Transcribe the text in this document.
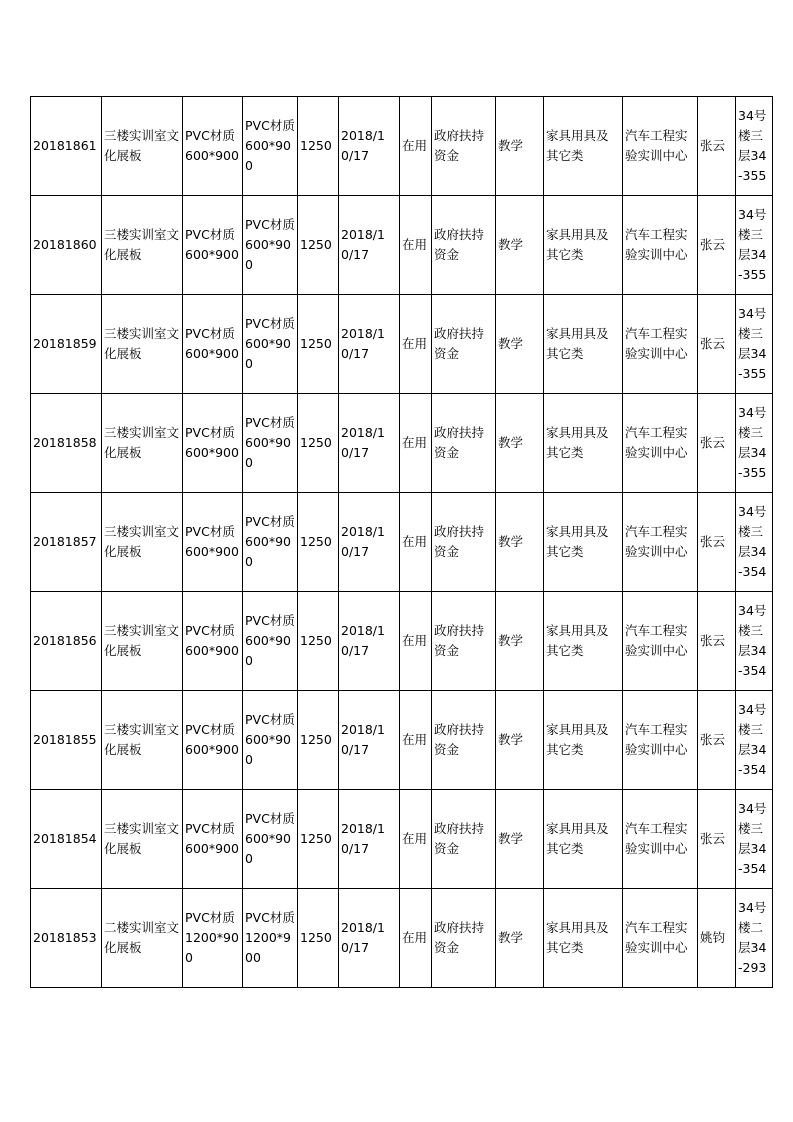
20181861	三楼实训室文化展板	PVC材质600*900	PVC材质600*900	1250	2018/10/17	在用	政府扶持资金	教学	家具用具及其它类	汽车工程实验实训中心	张云	34号楼三层34-355
20181860	三楼实训室文化展板	PVC材质600*900	PVC材质600*900	1250	2018/10/17	在用	政府扶持资金	教学	家具用具及其它类	汽车工程实验实训中心	张云	34号楼三层34-355
20181859	三楼实训室文化展板	PVC材质600*900	PVC材质600*900	1250	2018/10/17	在用	政府扶持资金	教学	家具用具及其它类	汽车工程实验实训中心	张云	34号楼三层34-355
20181858	三楼实训室文化展板	PVC材质600*900	PVC材质600*900	1250	2018/10/17	在用	政府扶持资金	教学	家具用具及其它类	汽车工程实验实训中心	张云	34号楼三层34-355
20181857	三楼实训室文化展板	PVC材质600*900	PVC材质600*900	1250	2018/10/17	在用	政府扶持资金	教学	家具用具及其它类	汽车工程实验实训中心	张云	34号楼三层34-354
20181856	三楼实训室文化展板	PVC材质600*900	PVC材质600*900	1250	2018/10/17	在用	政府扶持资金	教学	家具用具及其它类	汽车工程实验实训中心	张云	34号楼三层34-354
20181855	三楼实训室文化展板	PVC材质600*900	PVC材质600*900	1250	2018/10/17	在用	政府扶持资金	教学	家具用具及其它类	汽车工程实验实训中心	张云	34号楼三层34-354
20181854	三楼实训室文化展板	PVC材质600*900	PVC材质600*900	1250	2018/10/17	在用	政府扶持资金	教学	家具用具及其它类	汽车工程实验实训中心	张云	34号楼三层34-354
20181853	二楼实训室文化展板	PVC材质1200*900	PVC材质1200*900	1250	2018/10/17	在用	政府扶持资金	教学	家具用具及其它类	汽车工程实验实训中心	姚钧	34号楼二层34-293
